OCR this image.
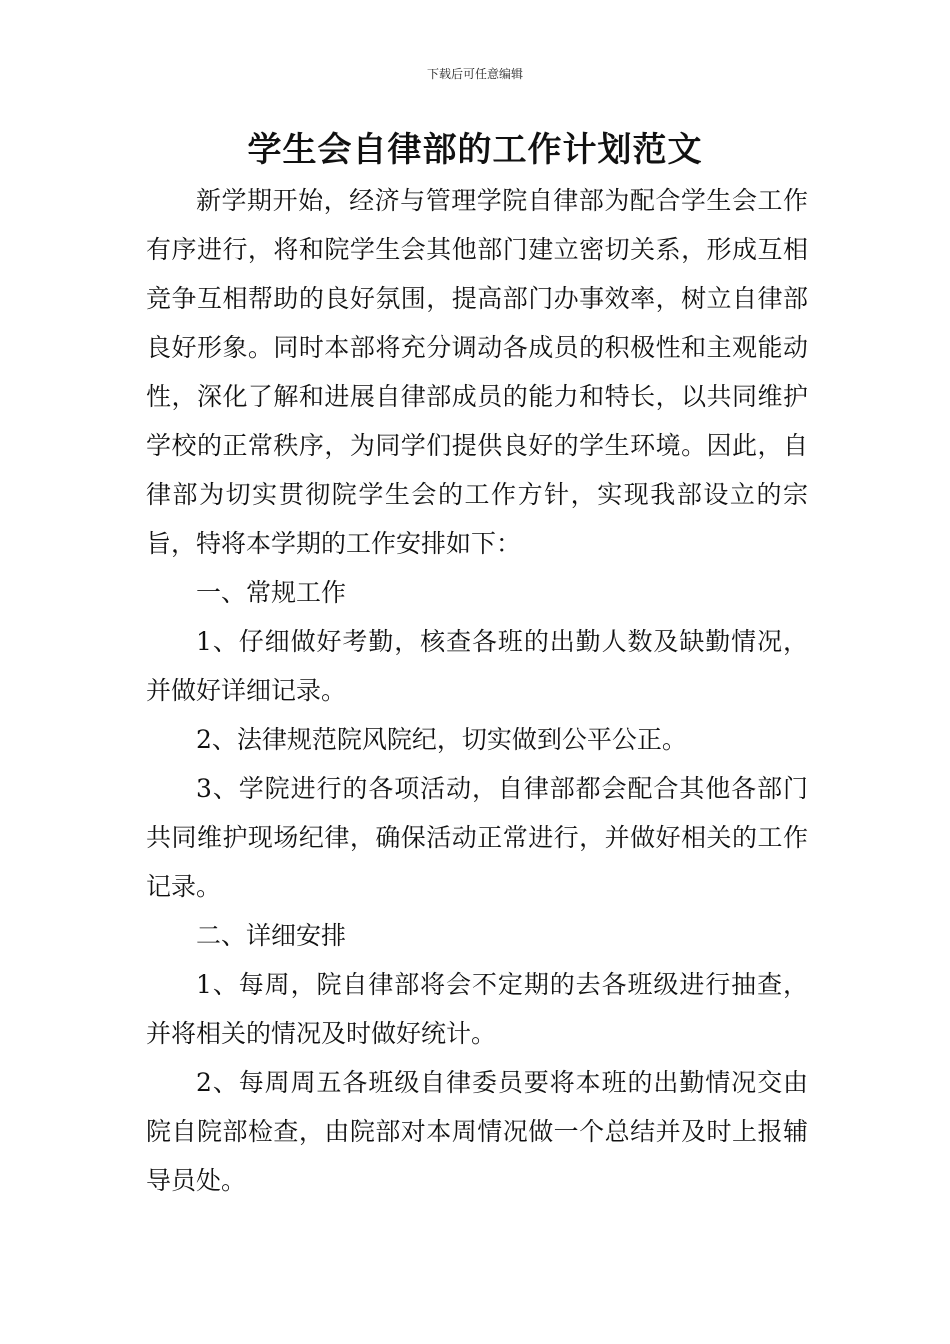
下载后可任意编辑
学生会自律部的工作计划范文

新学期开始，经济与管理学院自律部为配合学生会工作有序进行，将和院学生会其他部门建立密切关系，形成互相竞争互相帮助的良好氛围，提高部门办事效率，树立自律部良好形象。同时本部将充分调动各成员的积极性和主观能动性，深化了解和进展自律部成员的能力和特长，以共同维护学校的正常秩序，为同学们提供良好的学生环境。因此，自律部为切实贯彻院学生会的工作方针，实现我部设立的宗旨，特将本学期的工作安排如下：

一、常规工作

1、仔细做好考勤，核查各班的出勤人数及缺勤情况，并做好详细记录。

2、法律规范院风院纪，切实做到公平公正。

3、学院进行的各项活动，自律部都会配合其他各部门共同维护现场纪律，确保活动正常进行，并做好相关的工作记录。

二、详细安排

1、每周，院自律部将会不定期的去各班级进行抽查，并将相关的情况及时做好统计。

2、每周周五各班级自律委员要将本班的出勤情况交由院自院部检查，由院部对本周情况做一个总结并及时上报辅导员处。
